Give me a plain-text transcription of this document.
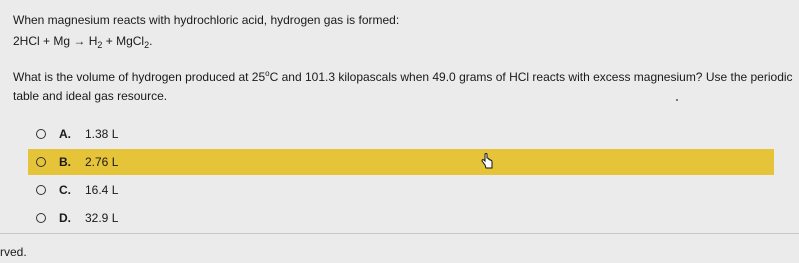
When magnesium reacts with hydrochloric acid, hydrogen gas is formed:
$2HCl + Mg \to H_2$ + MgCl$_2$.
What is the volume of hydrogen produced at 25$^o$C and 101.3 kilopascals when 49.0 grams of HCl reacts with excess magnesium? Use the periodic
table and ideal gas resource.
A.	1.38 L
B.	2.76 L
C.	16.4 L
D.	32.9 L
rved.
